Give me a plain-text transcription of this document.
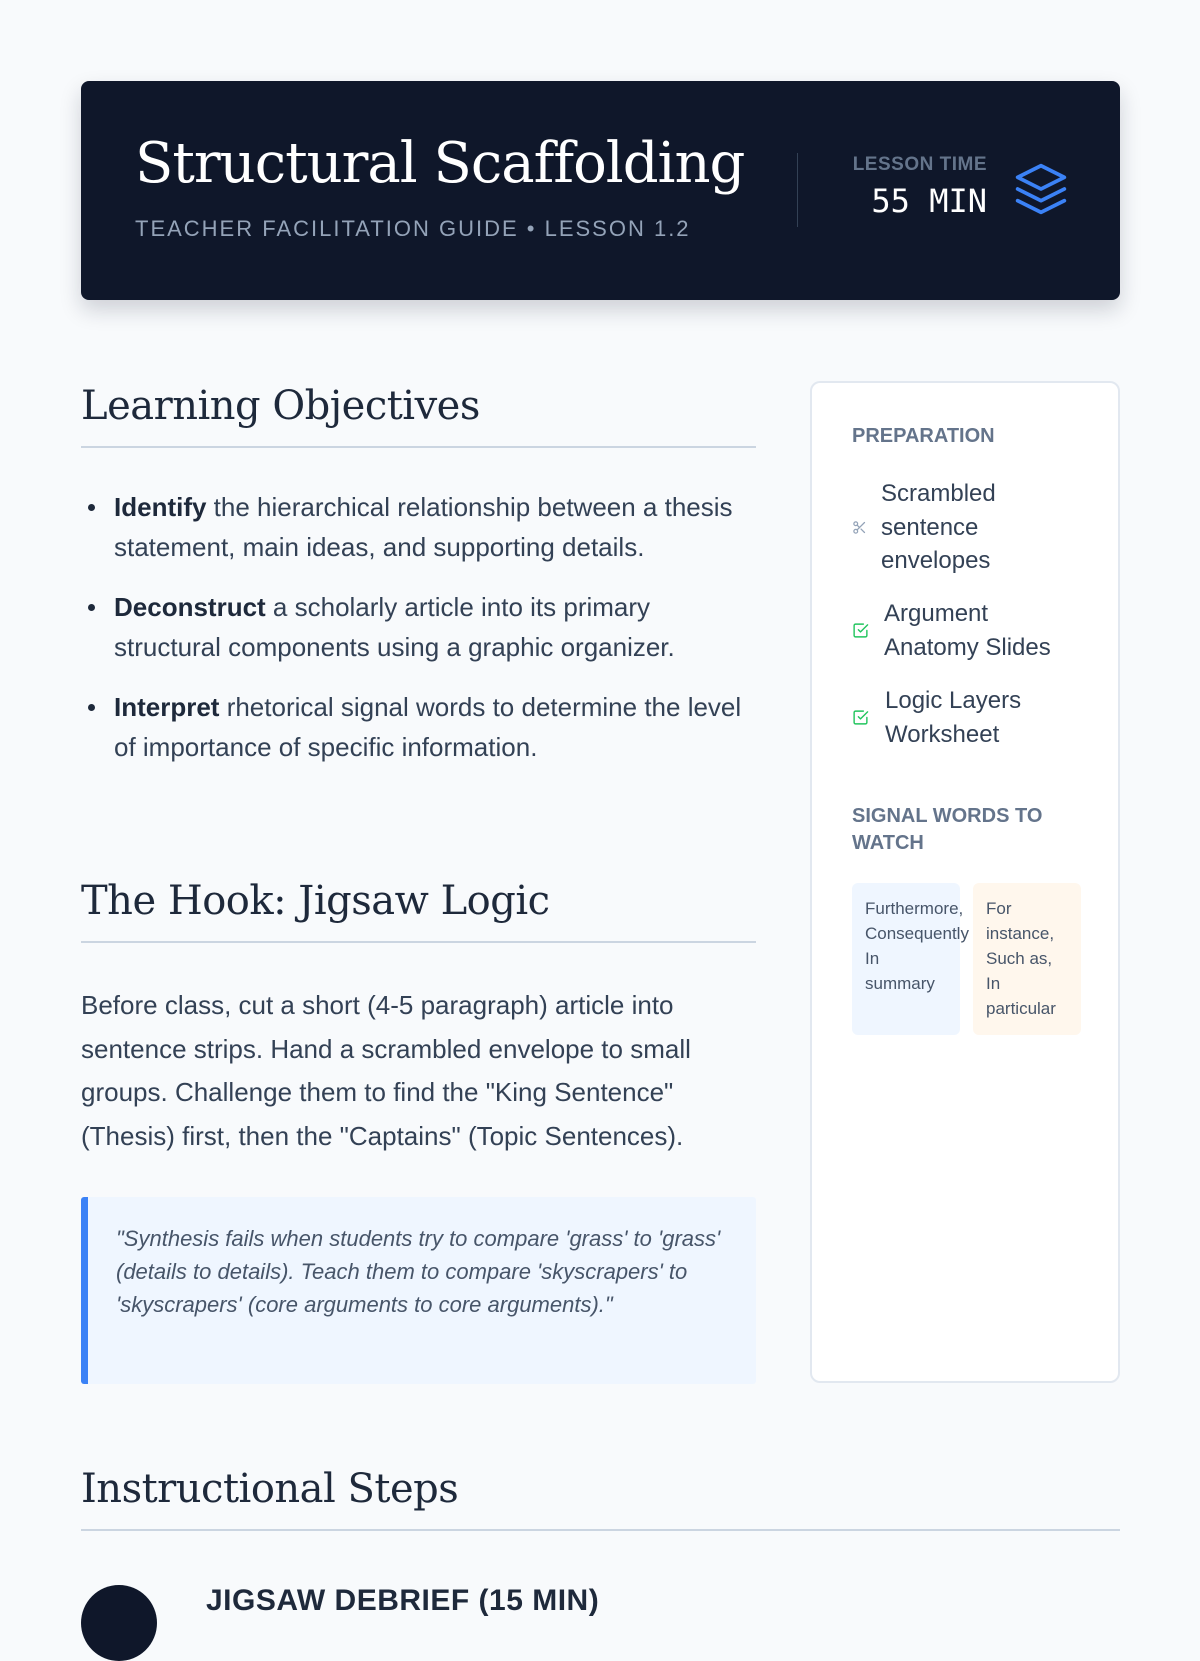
Structural Scaffolding

TEACHER FACILITATION GUIDE • LESSON 1.2

LESSON TIME
55 MIN
Learning Objectives
Identify the hierarchical relationship between a thesis statement, main ideas, and supporting details.
Deconstruct a scholarly article into its primary structural components using a graphic organizer.
Interpret rhetorical signal words to determine the level of importance of specific information.
The Hook: Jigsaw Logic

Before class, cut a short (4-5 paragraph) article into sentence strips. Hand a scrambled envelope to small groups. Challenge them to find the "King Sentence" (Thesis) first, then the "Captains" (Topic Sentences).

"Synthesis fails when students try to compare 'grass' to 'grass' (details to details). Teach them to compare 'skyscrapers' to 'skyscrapers' (core arguments to core arguments)."

PREPARATION
Scrambled sentence envelopes
Argument Anatomy Slides
Logic Layers Worksheet
SIGNAL WORDS TO WATCH
Furthermore,
Consequently
In
summary
For
instance,
Such as,
In
particular
Instructional Steps
JIGSAW DEBRIEF (15 MIN)
